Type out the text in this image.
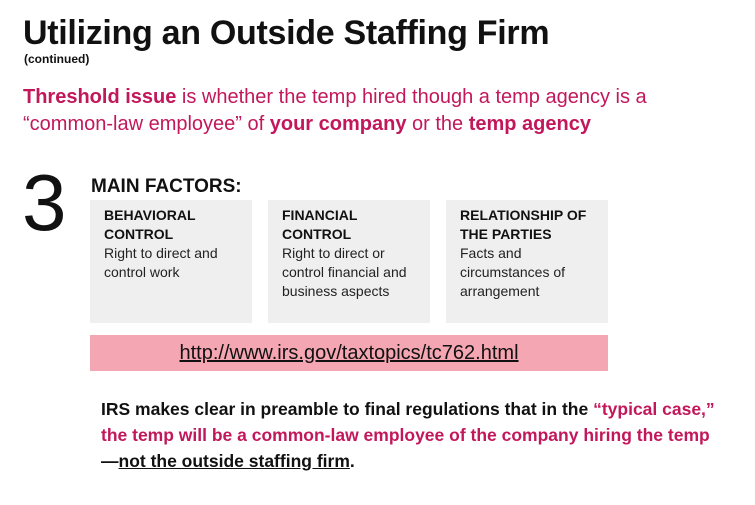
Utilizing an Outside Staffing Firm
(continued)
Threshold issue is whether the temp hired though a temp agency is a “common-law employee” of your company or the temp agency
3 MAIN FACTORS:
BEHAVIORAL CONTROL
Right to direct and control work
FINANCIAL CONTROL
Right to direct or control financial and business aspects
RELATIONSHIP OF THE PARTIES
Facts and circumstances of arrangement
http://www.irs.gov/taxtopics/tc762.html
IRS makes clear in preamble to final regulations that in the “typical case,” the temp will be a common-law employee of the company hiring the temp—not the outside staffing firm.
